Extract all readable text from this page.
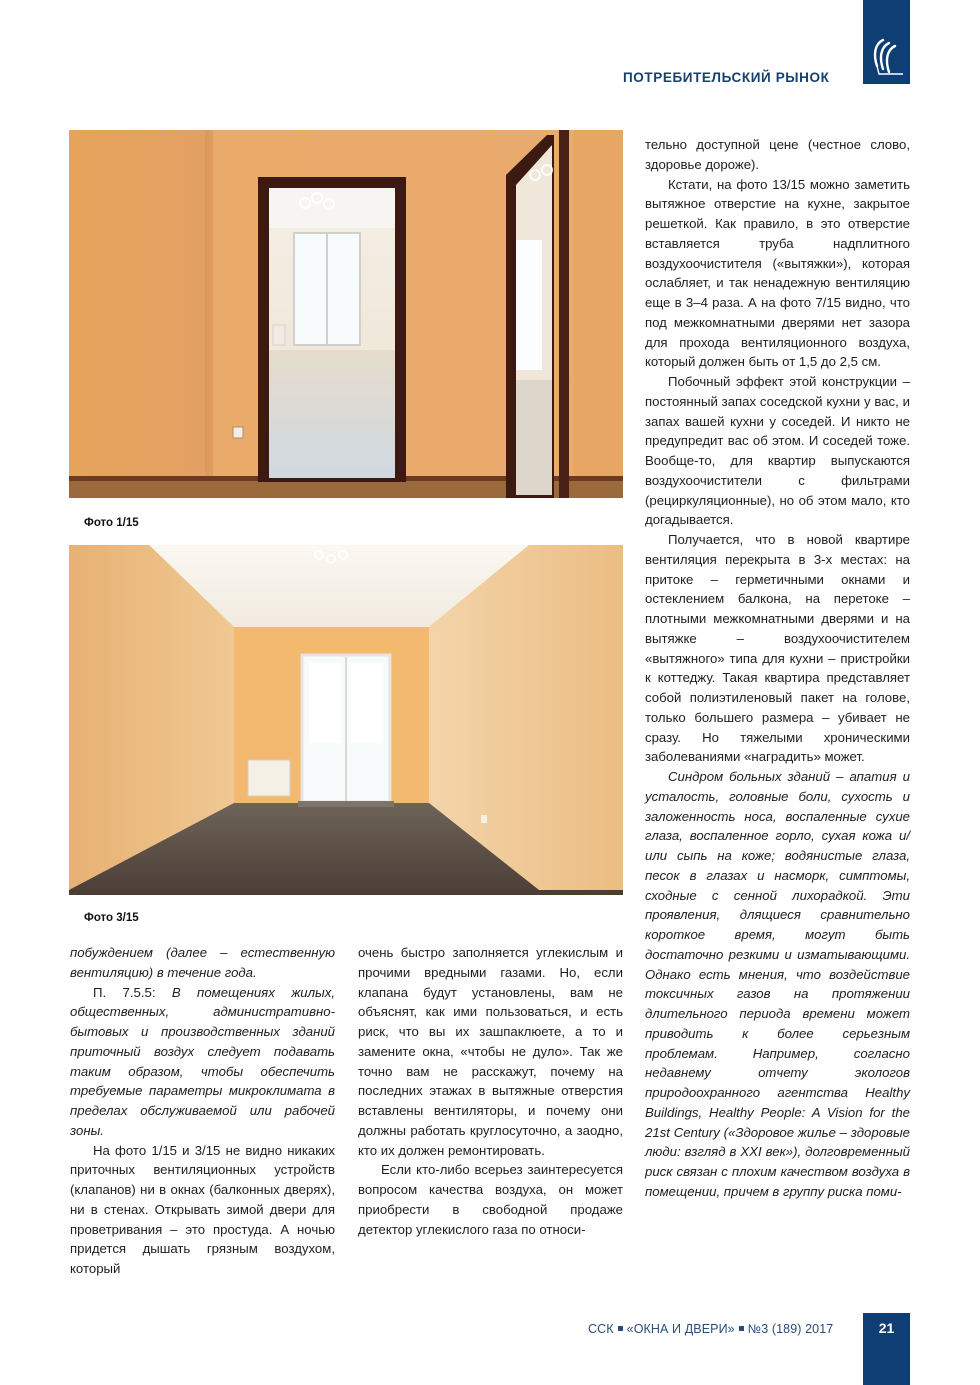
ПОТРЕБИТЕЛЬСКИЙ РЫНОК
Фото 1/15
Фото 3/15

тельно доступной цене (честное слово, здоровье дороже).

Кстати, на фото 13/15 можно заметить вытяжное отверстие на кухне, закрытое решеткой. Как правило, в это отверстие вставляется труба надплитного воздухоочистителя («вытяжки»), которая ослабляет, и так ненадежную вентиляцию еще в 3–4 раза. А на фото 7/15 видно, что под межкомнатными дверями нет зазора для прохода вентиляционного воздуха, который должен быть от 1,5 до 2,5 см.

Побочный эффект этой конструкции – постоянный запах соседской кухни у вас, и запах вашей кухни у соседей. И никто не предупредит вас об этом. И соседей тоже. Вообще-то, для квартир выпускаются воздухоочистители с фильтрами (рециркуляционные), но об этом мало, кто догадывается.

Получается, что в новой квартире вентиляция перекрыта в 3-х местах: на притоке – герметичными окнами и остеклением балкона, на перетоке – плотными межкомнатными дверями и на вытяжке – воздухоочистителем «вытяжного» типа для кухни – пристройки к коттеджу. Такая квартира представляет собой полиэтиленовый пакет на голове, только большего размера – убивает не сразу. Но тяжелыми хроническими заболеваниями «наградить» может.

Синдром больных зданий – апатия и усталость, головные боли, сухость и заложенность носа, воспаленные сухие глаза, воспаленное горло, сухая кожа и/или сыпь на коже; водянистые глаза, песок в глазах и насморк, симптомы, сходные с сенной лихорадкой. Эти проявления, длящиеся сравнительно короткое время, могут быть достаточно резкими и изматывающими. Однако есть мнения, что воздействие токсичных газов на протяжении длительного периода времени может приводить к более серьезным проблемам. Например, согласно недавнему отчету экологов природоохранного агентства Healthy Buildings, Healthy People: A Vision for the 21st Century («Здоровое жилье – здоровые люди: взгляд в XXI век»), долговременный риск связан с плохим качеством воздуха в помещении, причем в группу риска поми-

побуждением (далее – естественную вентиляцию) в течение года.

П. 7.5.5: В помещениях жилых, общественных, административно-бытовых и производственных зданий приточный воздух следует подавать таким образом, чтобы обеспечить требуемые параметры микроклимата в пределах обслуживаемой или рабочей зоны.

На фото 1/15 и 3/15 не видно никаких приточных вентиляционных устройств (клапанов) ни в окнах (балконных дверях), ни в стенах. Открывать зимой двери для проветривания – это простуда. А ночью придется дышать грязным воздухом, который

очень быстро заполняется углекислым и прочими вредными газами. Но, если клапана будут установлены, вам не объяснят, как ими пользоваться, и есть риск, что вы их зашпаклюете, а то и замените окна, «чтобы не дуло». Так же точно вам не расскажут, почему на последних этажах в вытяжные отверстия вставлены вентиляторы, и почему они должны работать круглосуточно, а заодно, кто их должен ремонтировать.

Если кто-либо всерьез заинтересуется вопросом качества воздуха, он может приобрести в свободной продаже детектор углекислого газа по относи-

ССК «ОКНА И ДВЕРИ» №3 (189) 2017	21
